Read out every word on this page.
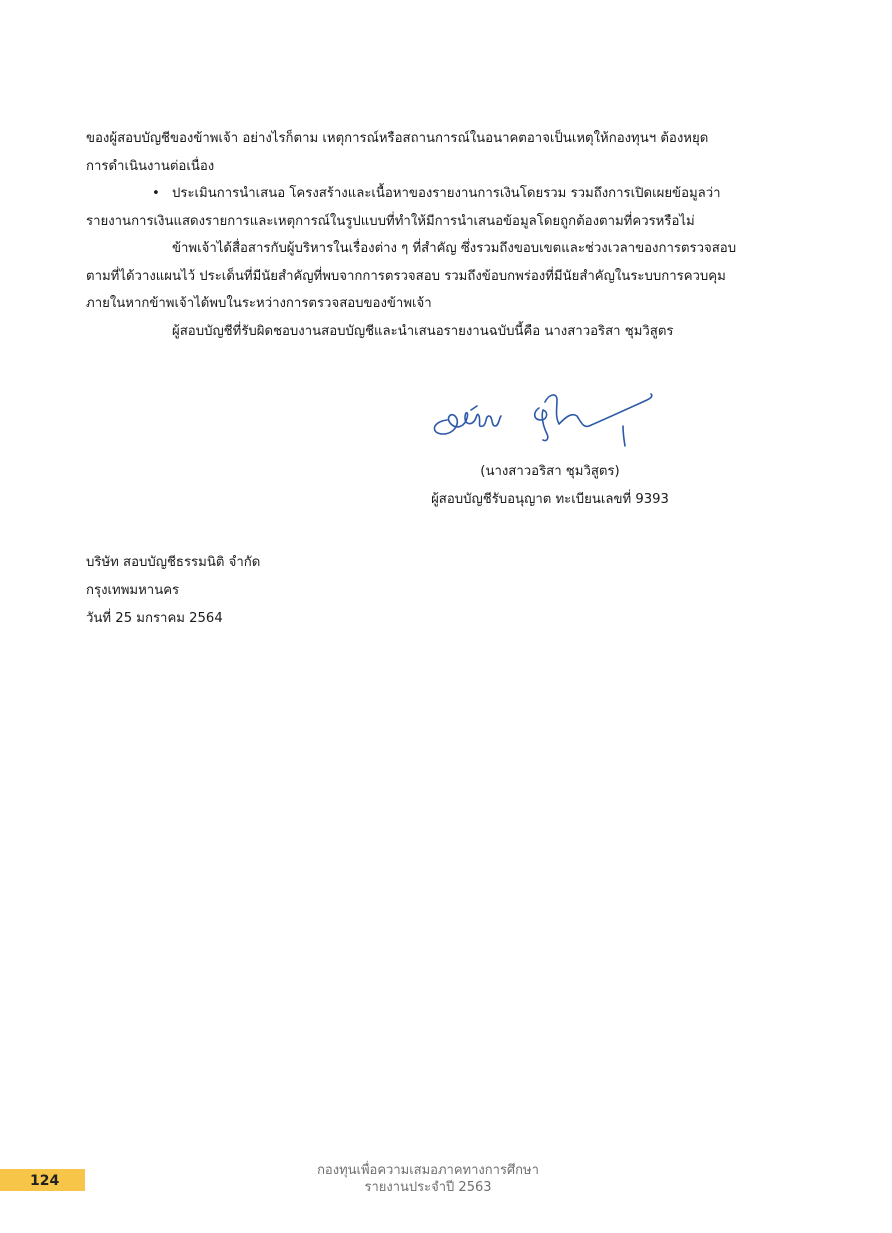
ของผู้สอบบัญชีของข้าพเจ้า อย่างไรก็ตาม เหตุการณ์หรือสถานการณ์ในอนาคตอาจเป็นเหตุให้กองทุนฯ ต้องหยุด

การดำเนินงานต่อเนื่อง

• ประเมินการนำเสนอ โครงสร้างและเนื้อหาของรายงานการเงินโดยรวม รวมถึงการเปิดเผยข้อมูลว่า

รายงานการเงินแสดงรายการและเหตุการณ์ในรูปแบบที่ทำให้มีการนำเสนอข้อมูลโดยถูกต้องตามที่ควรหรือไม่

ข้าพเจ้าได้สื่อสารกับผู้บริหารในเรื่องต่าง ๆ ที่สำคัญ ซึ่งรวมถึงขอบเขตและช่วงเวลาของการตรวจสอบ

ตามที่ได้วางแผนไว้ ประเด็นที่มีนัยสำคัญที่พบจากการตรวจสอบ รวมถึงข้อบกพร่องที่มีนัยสำคัญในระบบการควบคุม

ภายในหากข้าพเจ้าได้พบในระหว่างการตรวจสอบของข้าพเจ้า

ผู้สอบบัญชีที่รับผิดชอบงานสอบบัญชีและนำเสนอรายงานฉบับนี้คือ นางสาวอริสา ชุมวิสูตร

(นางสาวอริสา ชุมวิสูตร)

ผู้สอบบัญชีรับอนุญาต ทะเบียนเลขที่ 9393

บริษัท สอบบัญชีธรรมนิติ จำกัด

กรุงเทพมหานคร

วันที่ 25 มกราคม 2564

124

กองทุนเพื่อความเสมอภาคทางการศึกษา

รายงานประจำปี 2563
